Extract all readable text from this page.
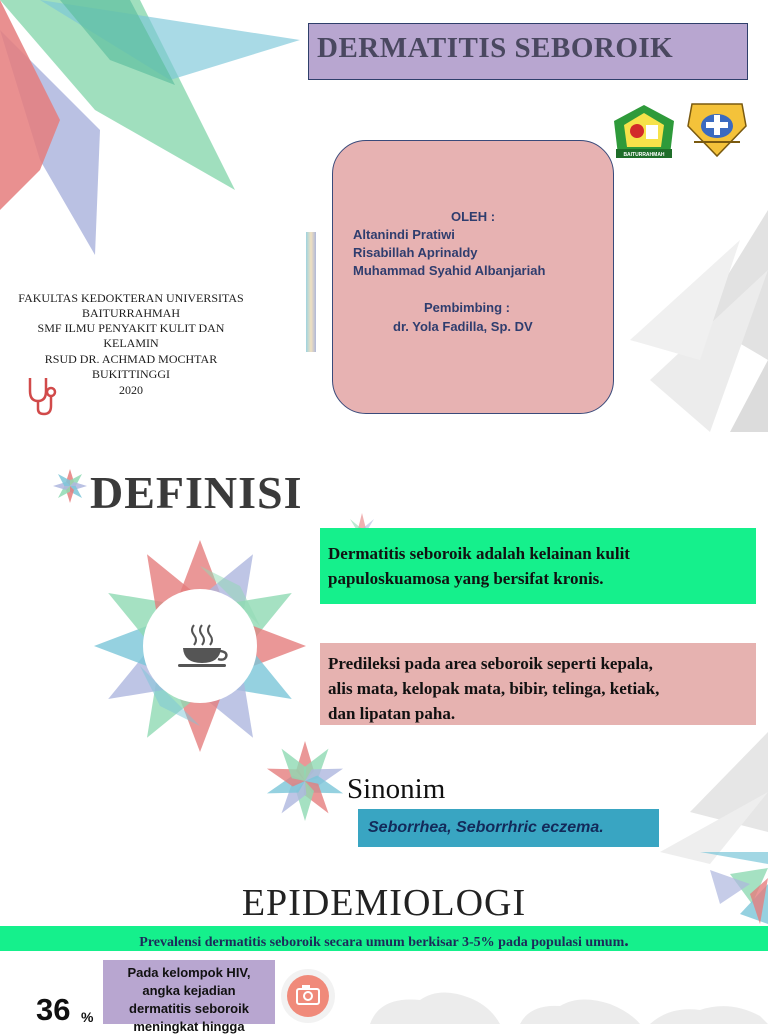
DERMATITIS SEBOROIK
BAITURRAHMAH
OLEH :
Altanindi Pratiwi
Risabillah Aprinaldy
Muhammad Syahid Albanjariah
Pembimbing :
dr. Yola Fadilla, Sp. DV
FAKULTAS KEDOKTERAN UNIVERSITAS
BAITURRAHMAH
SMF ILMU PENYAKIT KULIT DAN
KELAMIN
RSUD DR. ACHMAD MOCHTAR
BUKITTINGGI
2020
DEFINISI
Dermatitis seboroik adalah kelainan kulit
papuloskuamosa yang bersifat kronis.
Predileksi pada area seboroik seperti kepala,
alis mata, kelopak mata, bibir, telinga, ketiak,
dan lipatan paha.
Sinonim
Seborrhea, Seborrhric eczema.
EPIDEMIOLOGI
Prevalensi dermatitis seboroik secara umum berkisar 3-5% pada populasi umum.
36 %
Pada kelompok HIV,
angka kejadian
dermatitis seboroik
meningkat hingga
